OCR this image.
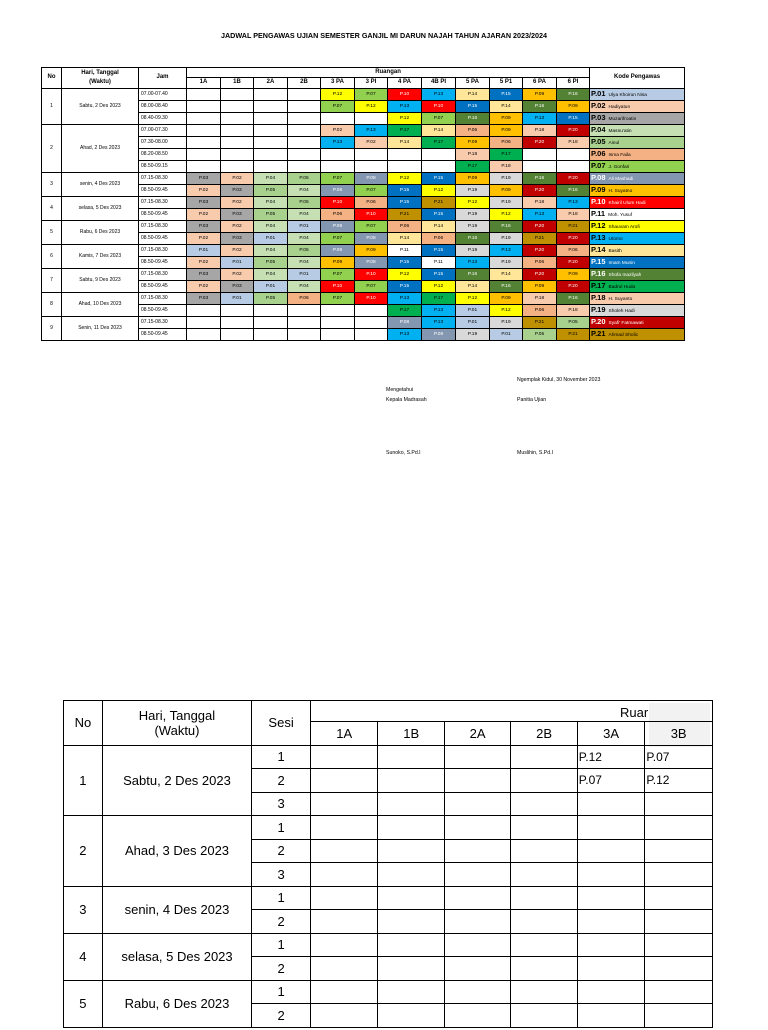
JADWAL PENGAWAS UJIAN SEMESTER GANJIL MI DARUN NAJAH TAHUN AJARAN 2023/2024
No	Hari, Tanggal
(Waktu)	Jam	Ruangan												Kode Pengawas
			1A	1B	2A	2B	3 PA	3 PI	4 PA	4B PI	5 PA	5 P1	6 PA	6 PI
1	Sabtu, 2 Des 2023	07.00-07.40					P.12	P.07	P.10	P.13	P.14	P.15	P.09	P.16	P.01 Ulya Khoirun Nisa
		08.00-08.40					P.07	P.12	P.13	P.10	P.15	P.14	P.16	P.09	P.02 Hadiyatun
		08.40-09.30							P.12	P.07	P.16	P.09	P.13	P.15	P.03 Muzarifroatin
2	Ahad, 2 Des 2023	07.00-07.30					P.02	P.13	P.17	P.14	P.06	P.09	P.18	P.20	P.04 Masnu'atin
		07.30-08.00					P.13	P.02	P.14	P.17	P.09	P.06	P.20	P.18	P.05 Ainul
		08.20-08.50									P.18	P.17			P.06 Isma Faila
		08.50-09.15									P.17	P.18			P.07 J. Gonfari
3	senin, 4 Des 2023	07.15-08.30	P.03	P.02	P.04	P.05	P.07	P.08	P.12	P.15	P.09	P.19	P.16	P.20	P.08 Ali Mashadi
		08.50-09.45	P.02	P.03	P.05	P.04	P.08	P.07	P.15	P.12	P.19	P.09	P.20	P.16	P.09 H. Suyatno
4	selasa, 5 Des 2023	07.15-08.30	P.03	P.02	P.04	P.05	P.10	P.06	P.15	P.21	P.12	P.19	P.18	P.13	P.10 Khairil Ulum Hadi
		08.50-09.45	P.02	P.03	P.05	P.04	P.06	P.10	P.21	P.15	P.19	P.12	P.13	P.18	P.11 Moh. Yusuf
5	Rabu, 6 Des 2023	07.15-08.30	P.03	P.02	P.04	P.01	P.08	P.07	P.06	P.14	P.19	P.16	P.20	P.21	P.12 Shauvam Arofi
		08.50-09.45	P.02	P.03	P.01	P.04	P.07	P.08	P.14	P.06	P.16	P.19	P.21	P.20	P.13 Utomo
6	Kamis, 7 Des 2023	07.15-08.30	P.01	P.02	P.04	P.05	P.08	P.09	P.11	P.15	P.19	P.13	P.20	P.06	P.14 Basith
		08.50-09.45	P.02	P.01	P.05	P.04	P.09	P.08	P.15	P.11	P.13	P.19	P.06	P.20	P.15 Imam Munin
7	Sabtu, 9 Des 2023	07.15-08.30	P.03	P.02	P.04	P.01	P.07	P.10	P.12	P.15	P.16	P.14	P.20	P.09	P.16 Shofa Inazilyah
		08.50-09.45	P.02	P.03	P.01	P.04	P.10	P.07	P.15	P.12	P.14	P.16	P.09	P.20	P.17 Badrul Huda
8	Ahad, 10 Des 2023	07.15-08.30	P.03	P.01	P.05	P.06	P.07	P.10	P.13	P.17	P.12	P.09	P.18	P.16	P.18 H. Suyanto
		08.50-09.45							P.17	P.13	P.01	P.12	P.06	P.18	P.19 Sholeh Hadi
9	Senin, 11 Des 2023	07.15-08.30							P.08	P.13	P.01	P.19	P.21	P.05	P.20 Syafi' Fatmawati
		08.50-09.45							P.13	P.08	P.19	P.01	P.05	P.21	P.21 Ahmad Sholic
Mengetahui
Kepala Madrasah
Ngemplak Kidul, 30 November 2023
Panitia Ujian
Sunoko, S.Pd.I	Muslihin, S.Pd.I
Ruar
No	Hari, Tanggal
(Waktu)	Sesi						
			1A	1B	2A	2B	3A	3B
1	Sabtu, 2 Des 2023	1					P.12	P.07
		2					P.07	P.12
		3						
2	Ahad, 3 Des 2023	1						
		2						
		3						
3	senin, 4 Des 2023	1						
		2						
4	selasa, 5 Des 2023	1						
		2						
5	Rabu, 6 Des 2023	1						
		2						
